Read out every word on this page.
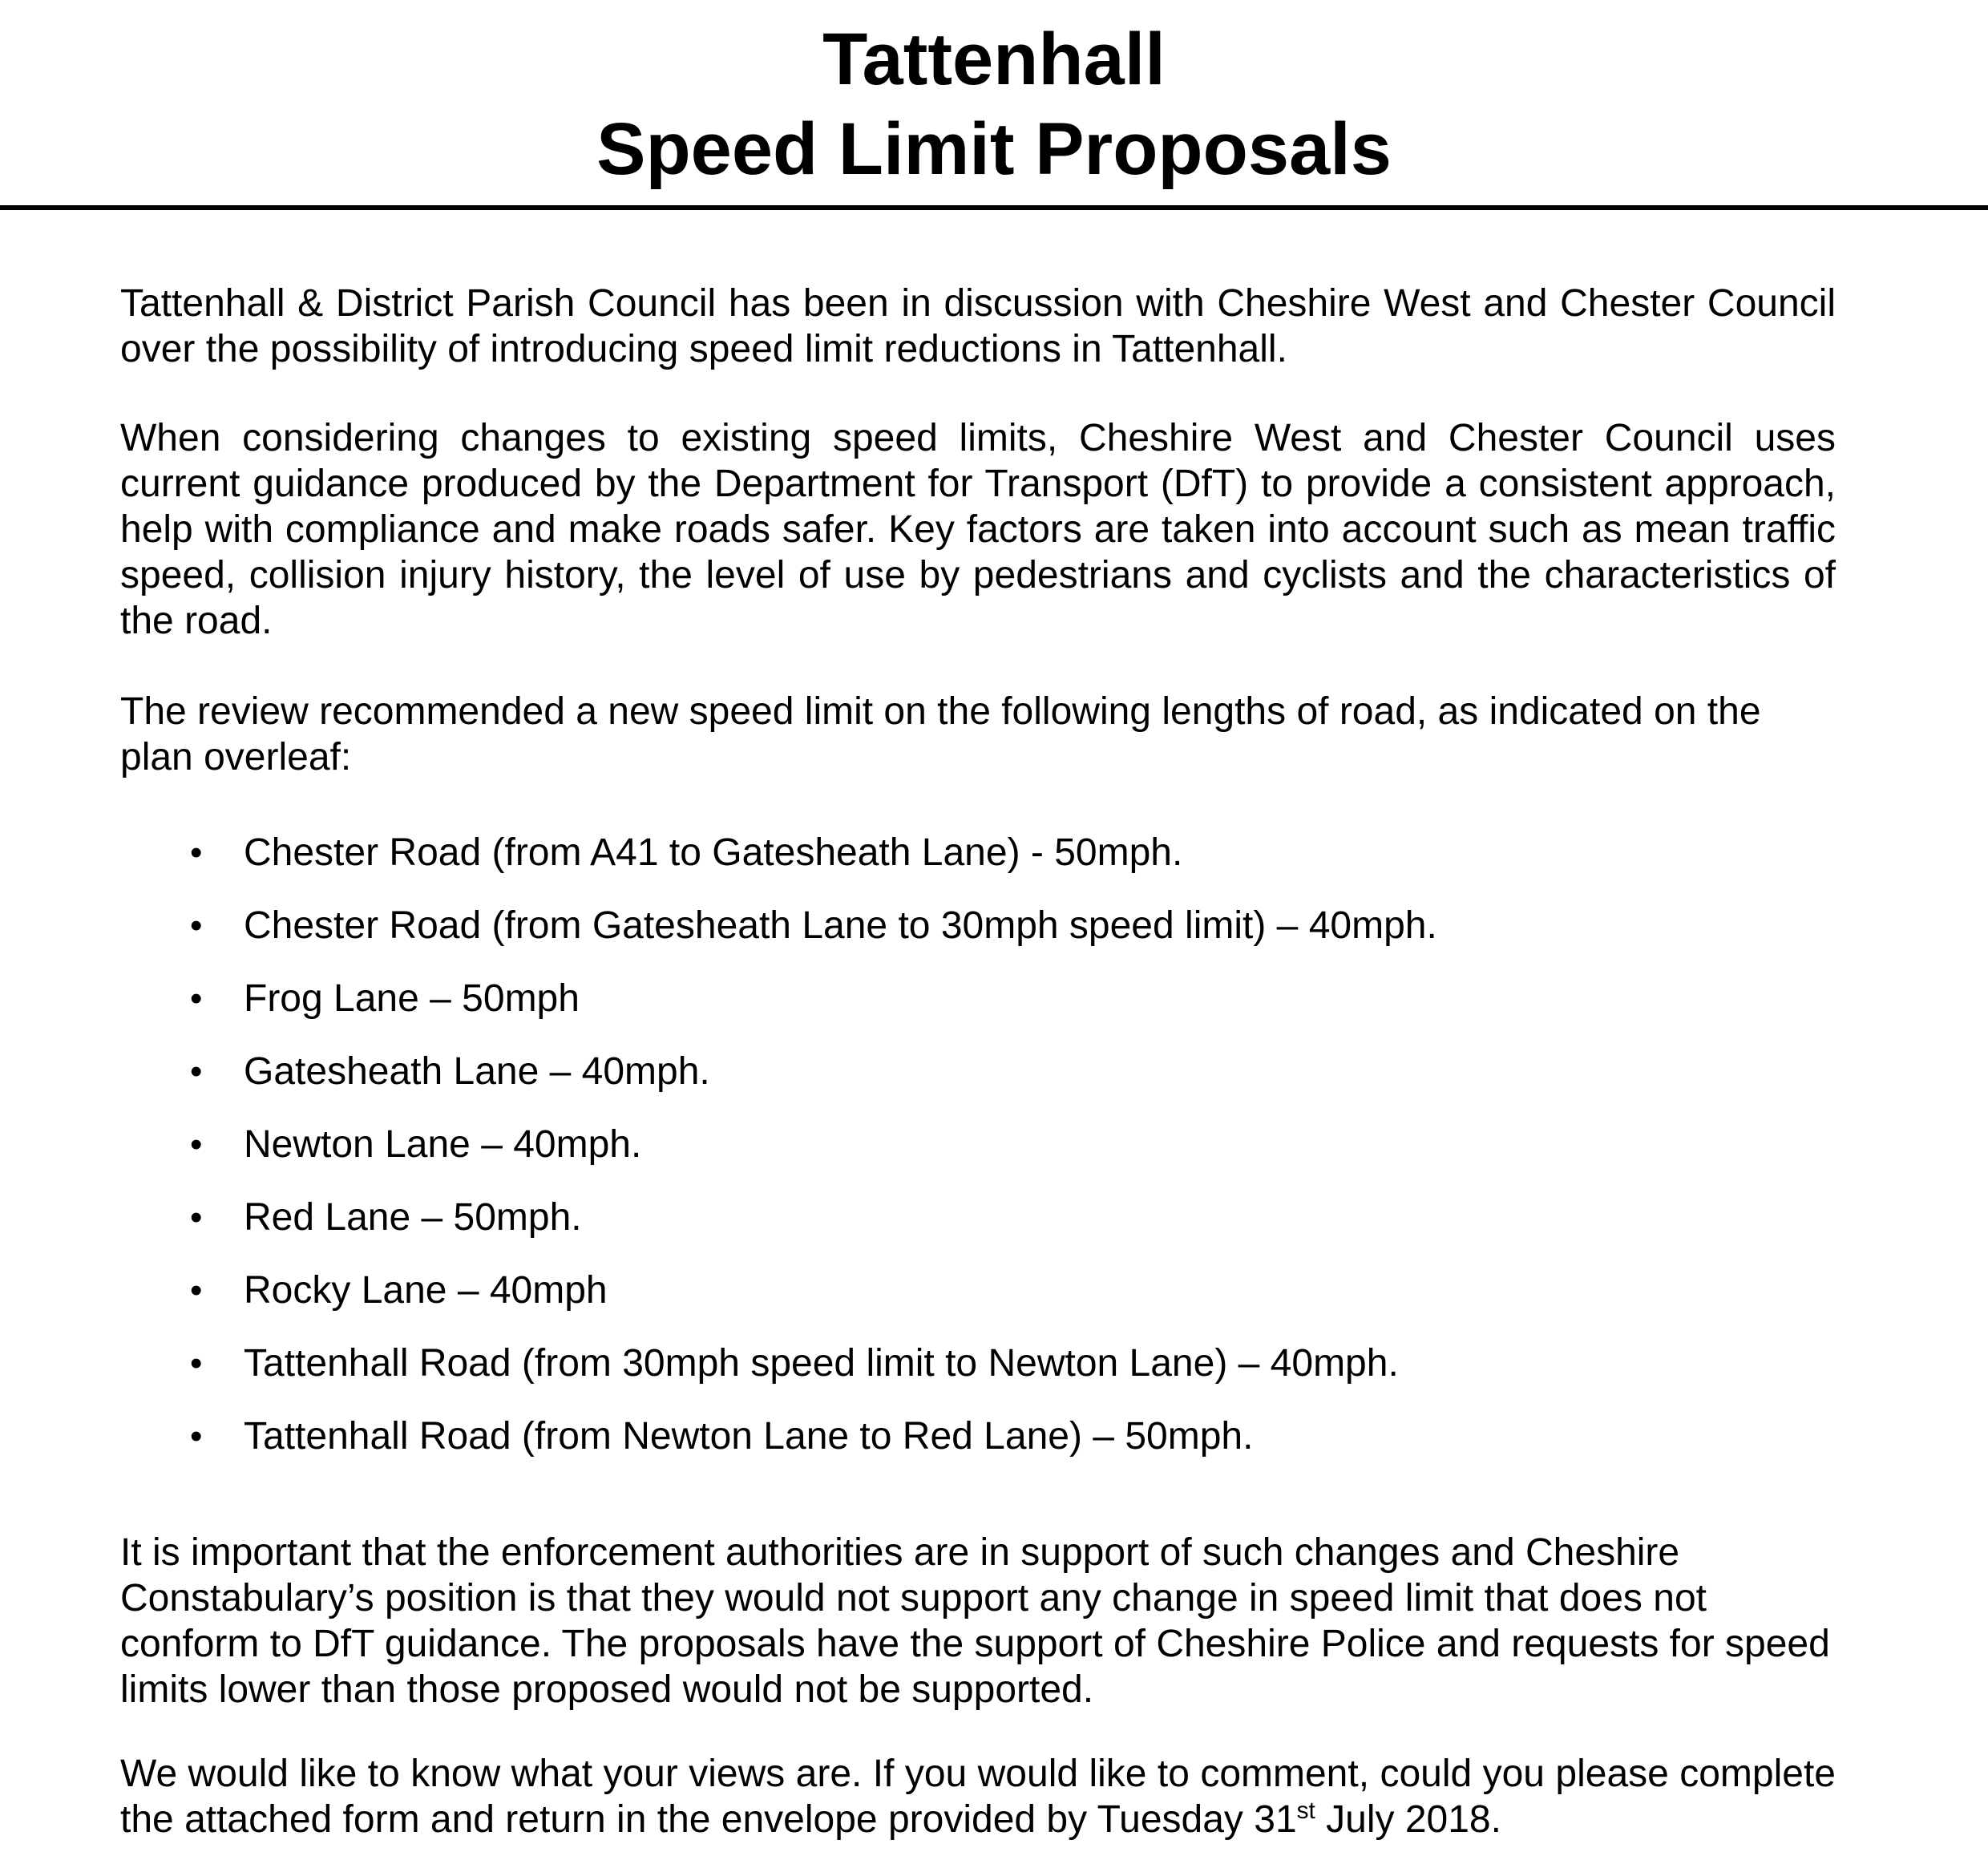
Tattenhall
Speed Limit Proposals

Tattenhall & District Parish Council has been in discussion with Cheshire West and Chester Council over the possibility of introducing speed limit reductions in Tattenhall.

When considering changes to existing speed limits, Cheshire West and Chester Council uses current guidance produced by the Department for Transport (DfT) to provide a consistent approach, help with compliance and make roads safer. Key factors are taken into account such as mean traffic speed, collision injury history, the level of use by pedestrians and cyclists and the characteristics of the road.

The review recommended a new speed limit on the following lengths of road, as indicated on the plan overleaf:

•	Chester Road (from A41 to Gatesheath Lane) - 50mph.
•	Chester Road (from Gatesheath Lane to 30mph speed limit) – 40mph.
•	Frog Lane – 50mph
•	Gatesheath Lane – 40mph.
•	Newton Lane – 40mph.
•	Red Lane – 50mph.
•	Rocky Lane – 40mph
•	Tattenhall Road (from 30mph speed limit to Newton Lane) – 40mph.
•	Tattenhall Road (from Newton Lane to Red Lane) – 50mph.

It is important that the enforcement authorities are in support of such changes and Cheshire Constabulary’s position is that they would not support any change in speed limit that does not conform to DfT guidance. The proposals have the support of Cheshire Police and requests for speed limits lower than those proposed would not be supported.

We would like to know what your views are. If you would like to comment, could you please complete the attached form and return in the envelope provided by Tuesday 31st July 2018.
